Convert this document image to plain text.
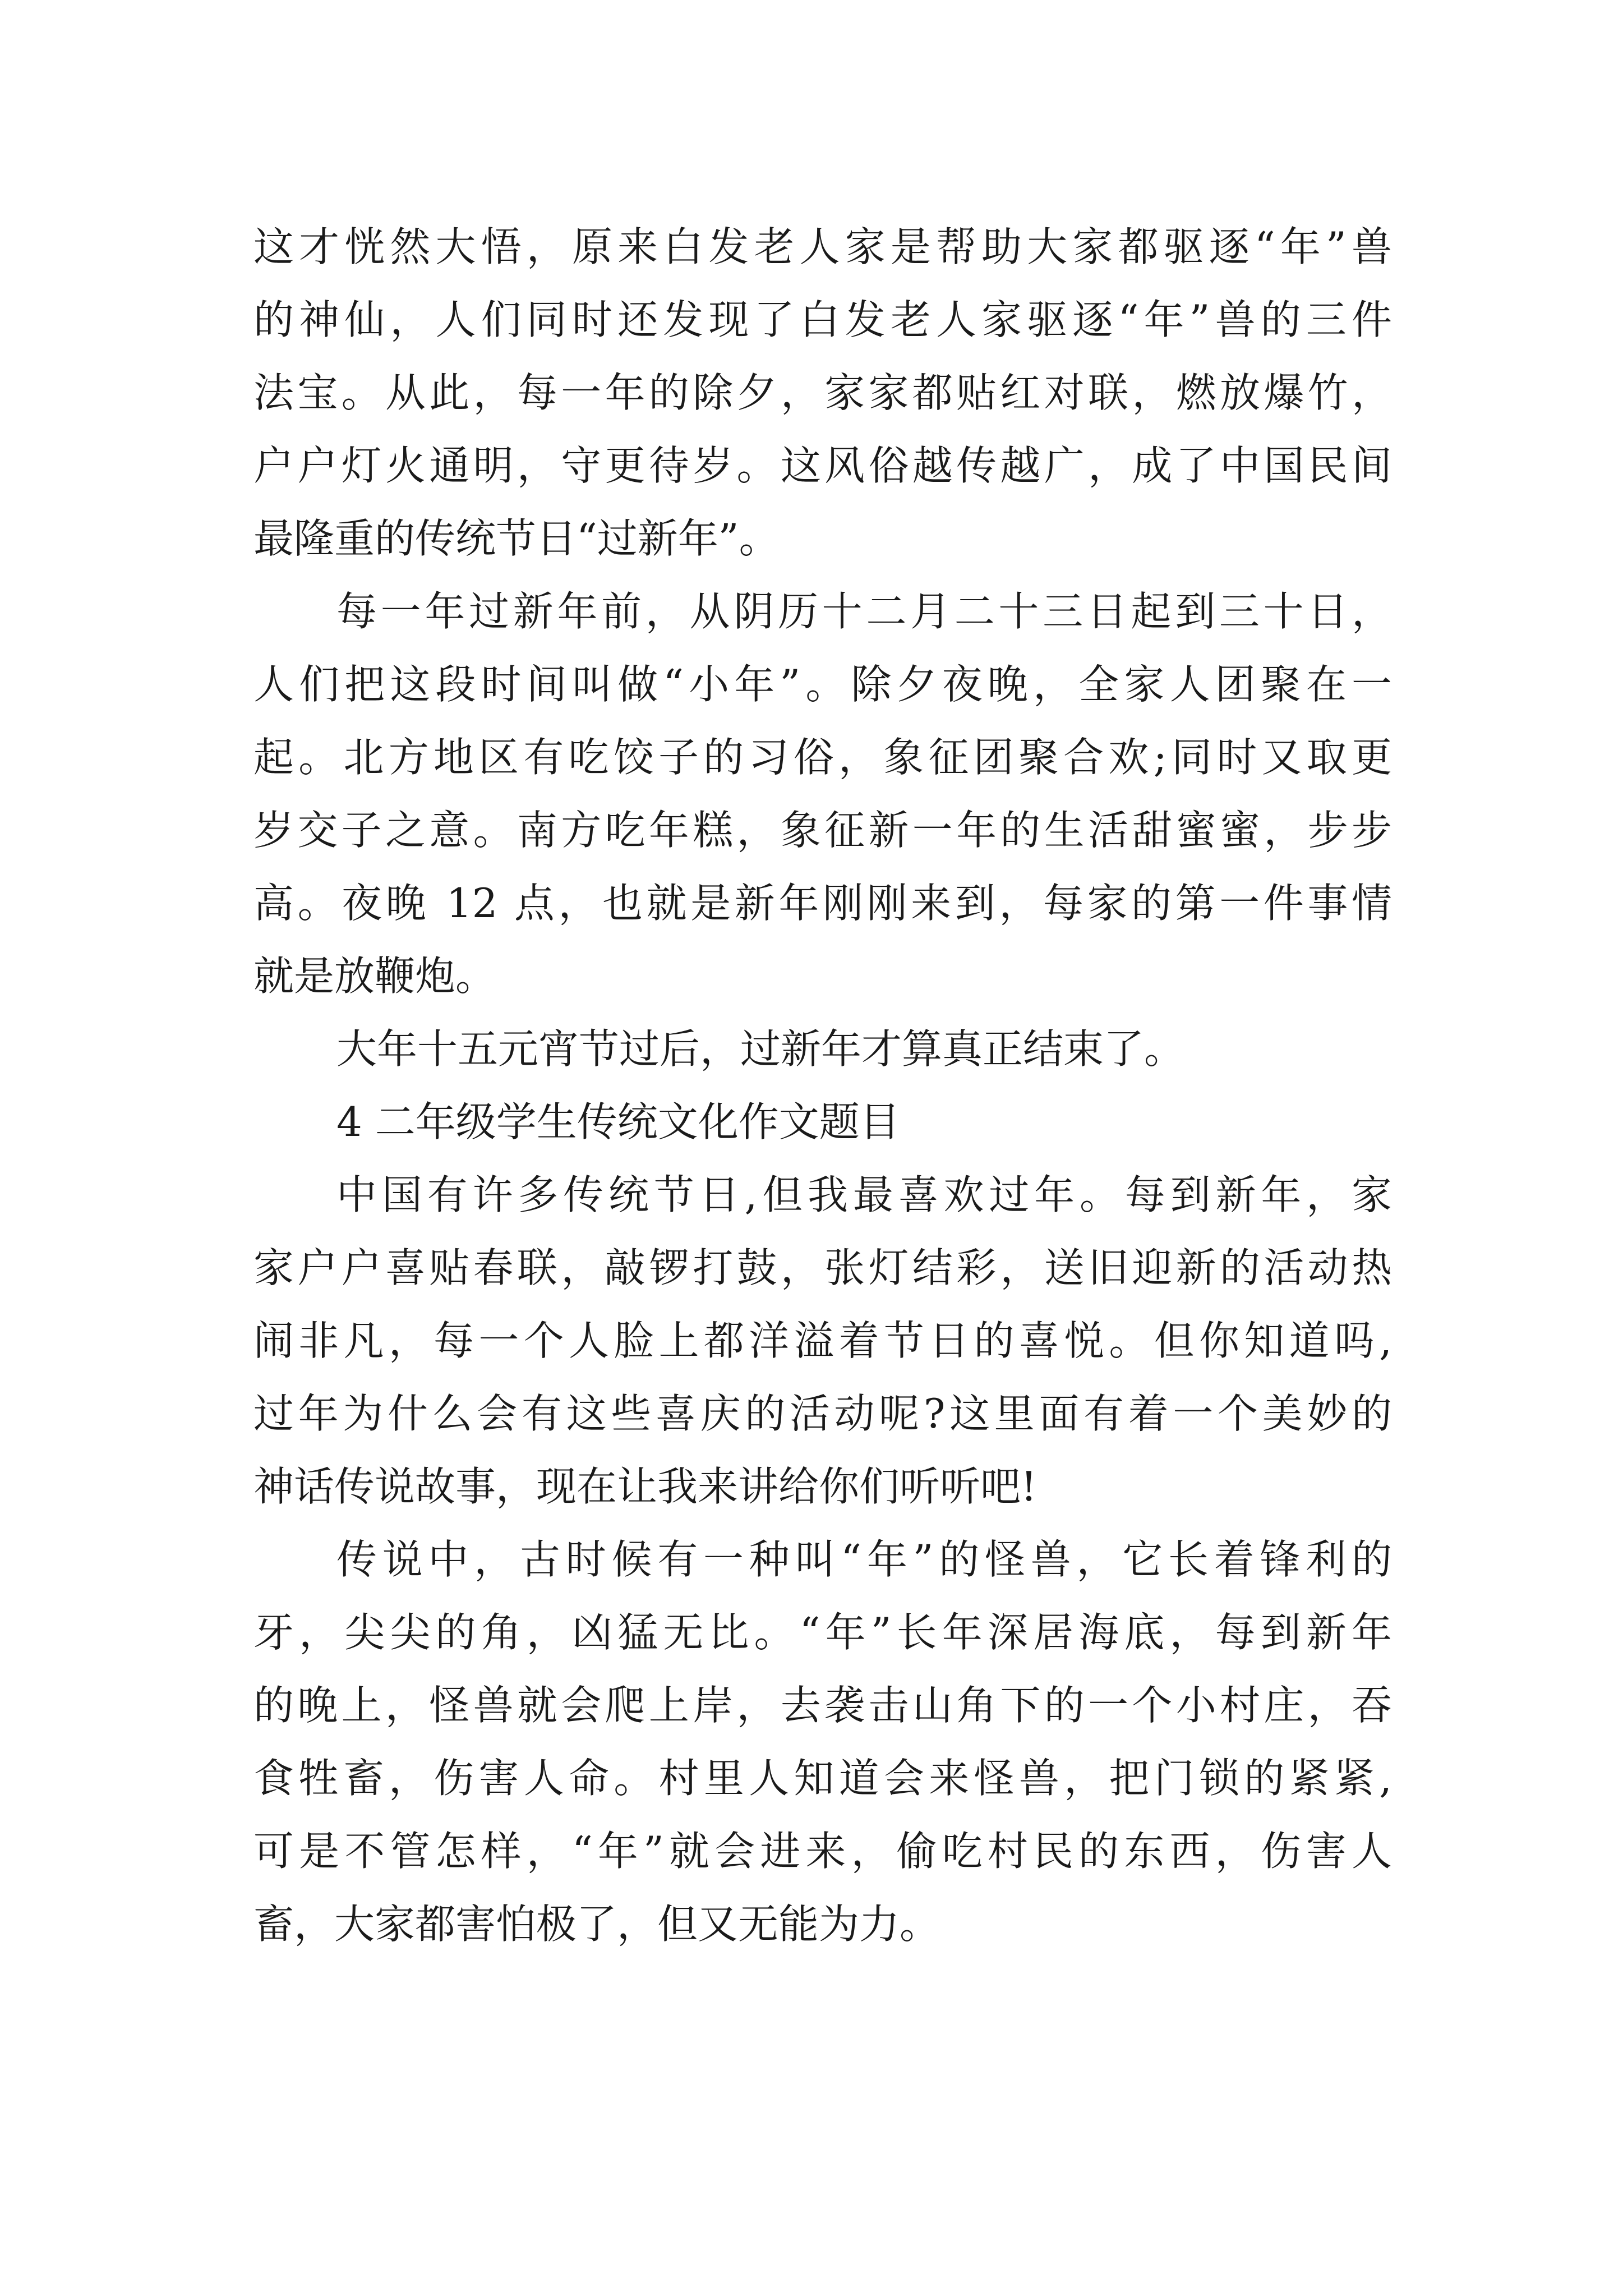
这才恍然大悟，原来白发老人家是帮助大家都驱逐“年”兽
的神仙，人们同时还发现了白发老人家驱逐“年”兽的三件
法宝。从此，每一年的除夕，家家都贴红对联，燃放爆竹，
户户灯火通明，守更待岁。这风俗越传越广，成了中国民间
最隆重的传统节日“过新年”。
每一年过新年前，从阴历十二月二十三日起到三十日，
人们把这段时间叫做“小年”。除夕夜晚，全家人团聚在一
起。北方地区有吃饺子的习俗，象征团聚合欢;同时又取更
岁交子之意。南方吃年糕，象征新一年的生活甜蜜蜜，步步
高。夜晚 12 点，也就是新年刚刚来到，每家的第一件事情
就是放鞭炮。
大年十五元宵节过后，过新年才算真正结束了。
4 二年级学生传统文化作文题目
中国有许多传统节日,但我最喜欢过年。每到新年，家
家户户喜贴春联，敲锣打鼓，张灯结彩，送旧迎新的活动热
闹非凡，每一个人脸上都洋溢着节日的喜悦。但你知道吗,
过年为什么会有这些喜庆的活动呢?这里面有着一个美妙的
神话传说故事，现在让我来讲给你们听听吧!
传说中，古时候有一种叫“年”的怪兽，它长着锋利的
牙，尖尖的角，凶猛无比。“年”长年深居海底，每到新年
的晚上，怪兽就会爬上岸，去袭击山角下的一个小村庄，吞
食牲畜，伤害人命。村里人知道会来怪兽，把门锁的紧紧,
可是不管怎样，“年”就会进来，偷吃村民的东西，伤害人
畜，大家都害怕极了，但又无能为力。
